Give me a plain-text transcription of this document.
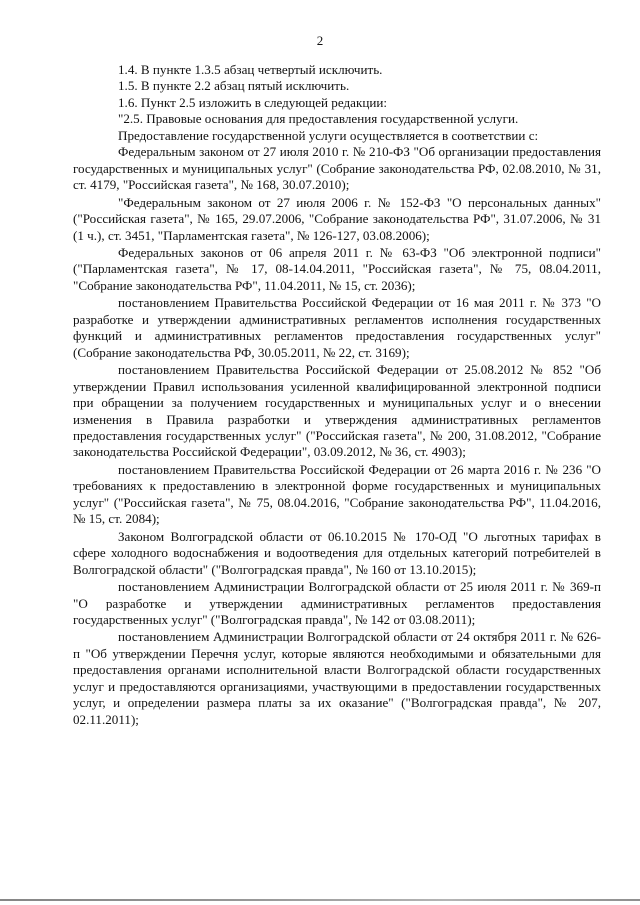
2

1.4. В пункте 1.3.5 абзац четвертый исключить.

1.5. В пункте 2.2 абзац пятый исключить.

1.6. Пункт 2.5 изложить в следующей редакции:

"2.5. Правовые основания для предоставления государственной услуги.

Предоставление государственной услуги осуществляется в соответствии с:

Федеральным законом от 27 июля 2010 г. № 210-ФЗ "Об организации предоставления государственных и муниципальных услуг" (Собрание законодательства РФ, 02.08.2010, № 31, ст. 4179, "Российская газета", № 168, 30.07.2010);

"Федеральным законом от 27 июля 2006 г. № 152-ФЗ "О персональных данных" ("Российская газета", № 165, 29.07.2006, "Собрание законодательства РФ", 31.07.2006, № 31 (1 ч.), ст. 3451, "Парламентская газета", № 126-127, 03.08.2006);

Федеральных законов от 06 апреля 2011 г. № 63-ФЗ "Об электронной подписи" ("Парламентская газета", № 17, 08-14.04.2011, "Российская газета", № 75, 08.04.2011, "Собрание законодательства РФ", 11.04.2011, № 15, ст. 2036);

постановлением Правительства Российской Федерации от 16 мая 2011 г. № 373 "О разработке и утверждении административных регламентов исполнения государственных функций и административных регламентов предоставления государственных услуг" (Собрание законодательства РФ, 30.05.2011, № 22, ст. 3169);

постановлением Правительства Российской Федерации от 25.08.2012 № 852 "Об утверждении Правил использования усиленной квалифицированной электронной подписи при обращении за получением государственных и муниципальных услуг и о внесении изменения в Правила разработки и утверждения административных регламентов предоставления государственных услуг" ("Российская газета", № 200, 31.08.2012, "Собрание законодательства Российской Федерации", 03.09.2012, № 36, ст. 4903);

постановлением Правительства Российской Федерации от 26 марта 2016 г. № 236 "О требованиях к предоставлению в электронной форме государственных и муниципальных услуг" ("Российская газета", № 75, 08.04.2016, "Собрание законодательства РФ", 11.04.2016, № 15, ст. 2084);

Законом Волгоградской области от 06.10.2015 № 170-ОД "О льготных тарифах в сфере холодного водоснабжения и водоотведения для отдельных категорий потребителей в Волгоградской области" ("Волгоградская правда", № 160 от 13.10.2015);

постановлением Администрации Волгоградской области от 25 июля 2011 г. № 369-п "О разработке и утверждении административных регламентов предоставления государственных услуг" ("Волгоградская правда", № 142 от 03.08.2011);

постановлением Администрации Волгоградской области от 24 октября 2011 г. № 626-п "Об утверждении Перечня услуг, которые являются необходимыми и обязательными для предоставления органами исполнительной власти Волгоградской области государственных услуг и предоставляются организациями, участвующими в предоставлении государственных услуг, и определении размера платы за их оказание" ("Волгоградская правда", № 207, 02.11.2011);
